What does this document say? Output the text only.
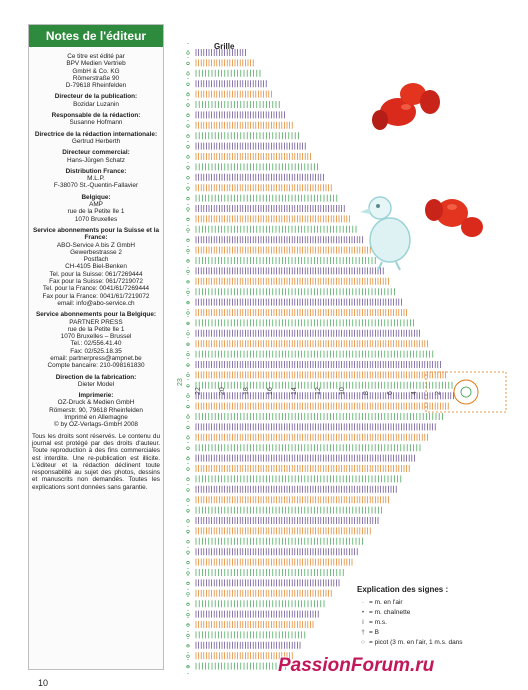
Notes de l'éditeur
Ce titre est édité par
BPV Medien Vertrieb
GmbH & Co. KG
Römerstraße 90
D-79618 Rheinfelden
Directeur de la publication:
Bozidar Luzanin
Responsable de la rédaction:
Susanne Hofmann
Directrice de la rédaction internationale:
Gertrud Herberth
Directeur commercial:
Hans-Jürgen Schatz
Distribution France:
M.L.P.
F-38070 St.-Quentin-Fallavier
Belgique:
AMP
rue de la Petite Ile 1
1070 Bruxelles
Service abonnements pour la Suisse et la France:
ABO-Service A bis Z GmbH
Gewerbestrasse 2
Postfach
CH-4105 Biel-Benken
Tel. pour la Suisse: 061/7269444
Fax pour la Suisse: 061/7219072
Tel. pour la France: 0041/61/7269444
Fax pour la France: 0041/61/7219072
email: info@abo-service.ch
Service abonnements pour la Belgique:
PARTNER PRESS
rue de la Petite Ile 1
1070 Bruxelles – Brussel
Tel.: 02/556.41.40
Fax: 02/525.18.35
email: partnerpress@ampnet.be
Compte bancaire: 210-098161830
Direction de la fabrication:
Dieter Model
Imprimerie:
OZ-Druck & Medien GmbH
Römerstr. 90, 79618 Rheinfelden
Imprimé en Allemagne
© by OZ-Verlags-GmbH 2008
Tous les droits sont réservés. Le contenu du journal est protégé par des droits d'auteur. Toute reproduction à des fins commerciales est interdite. Une re-publication est illicite. L'éditeur et la rédaction déclinent toute responsabilité au sujet des photos, dessins et manuscrits non demandés. Toutes les explications sont données sans garantie.
10
Grille
22 20 18 16 14 12 10 8 6 4 2
23
Explication des signes :
· = m. en l'air
• = m. chaînette
ǀ = m.s.
† = B
○ = picot (3 m. en l'air, 1 m.s. dans
PassionForum.ru
